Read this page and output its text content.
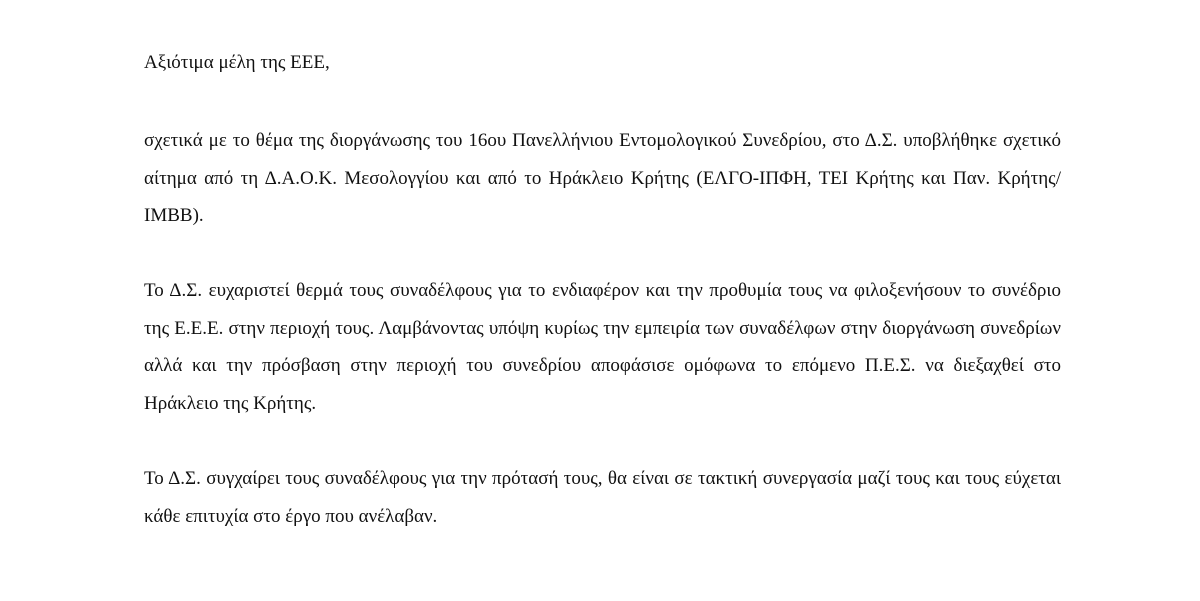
Αξιότιμα μέλη της ΕΕΕ,

σχετικά με το θέμα της διοργάνωσης του 16ου Πανελλήνιου Εντομολογικού Συνεδρίου, στο Δ.Σ. υποβλήθηκε σχετικό αίτημα από τη Δ.Α.Ο.Κ. Μεσολογγίου και από το Ηράκλειο Κρήτης (ΕΛΓΟ-ΙΠΦΗ, ΤΕΙ Κρήτης και Παν. Κρήτης/ΙΜΒΒ).

Το Δ.Σ. ευχαριστεί θερμά τους συναδέλφους για το ενδιαφέρον και την προθυμία τους να φιλοξενήσουν το συνέδριο της Ε.Ε.Ε. στην περιοχή τους. Λαμβάνοντας υπόψη κυρίως την εμπειρία των συναδέλφων στην διοργάνωση συνεδρίων αλλά και την πρόσβαση στην περιοχή του συνεδρίου αποφάσισε ομόφωνα το επόμενο Π.Ε.Σ. να διεξαχθεί στο Ηράκλειο της Κρήτης.

Το Δ.Σ. συγχαίρει τους συναδέλφους για την πρότασή τους, θα είναι σε τακτική συνεργασία μαζί τους και τους εύχεται κάθε επιτυχία στο έργο που ανέλαβαν.
